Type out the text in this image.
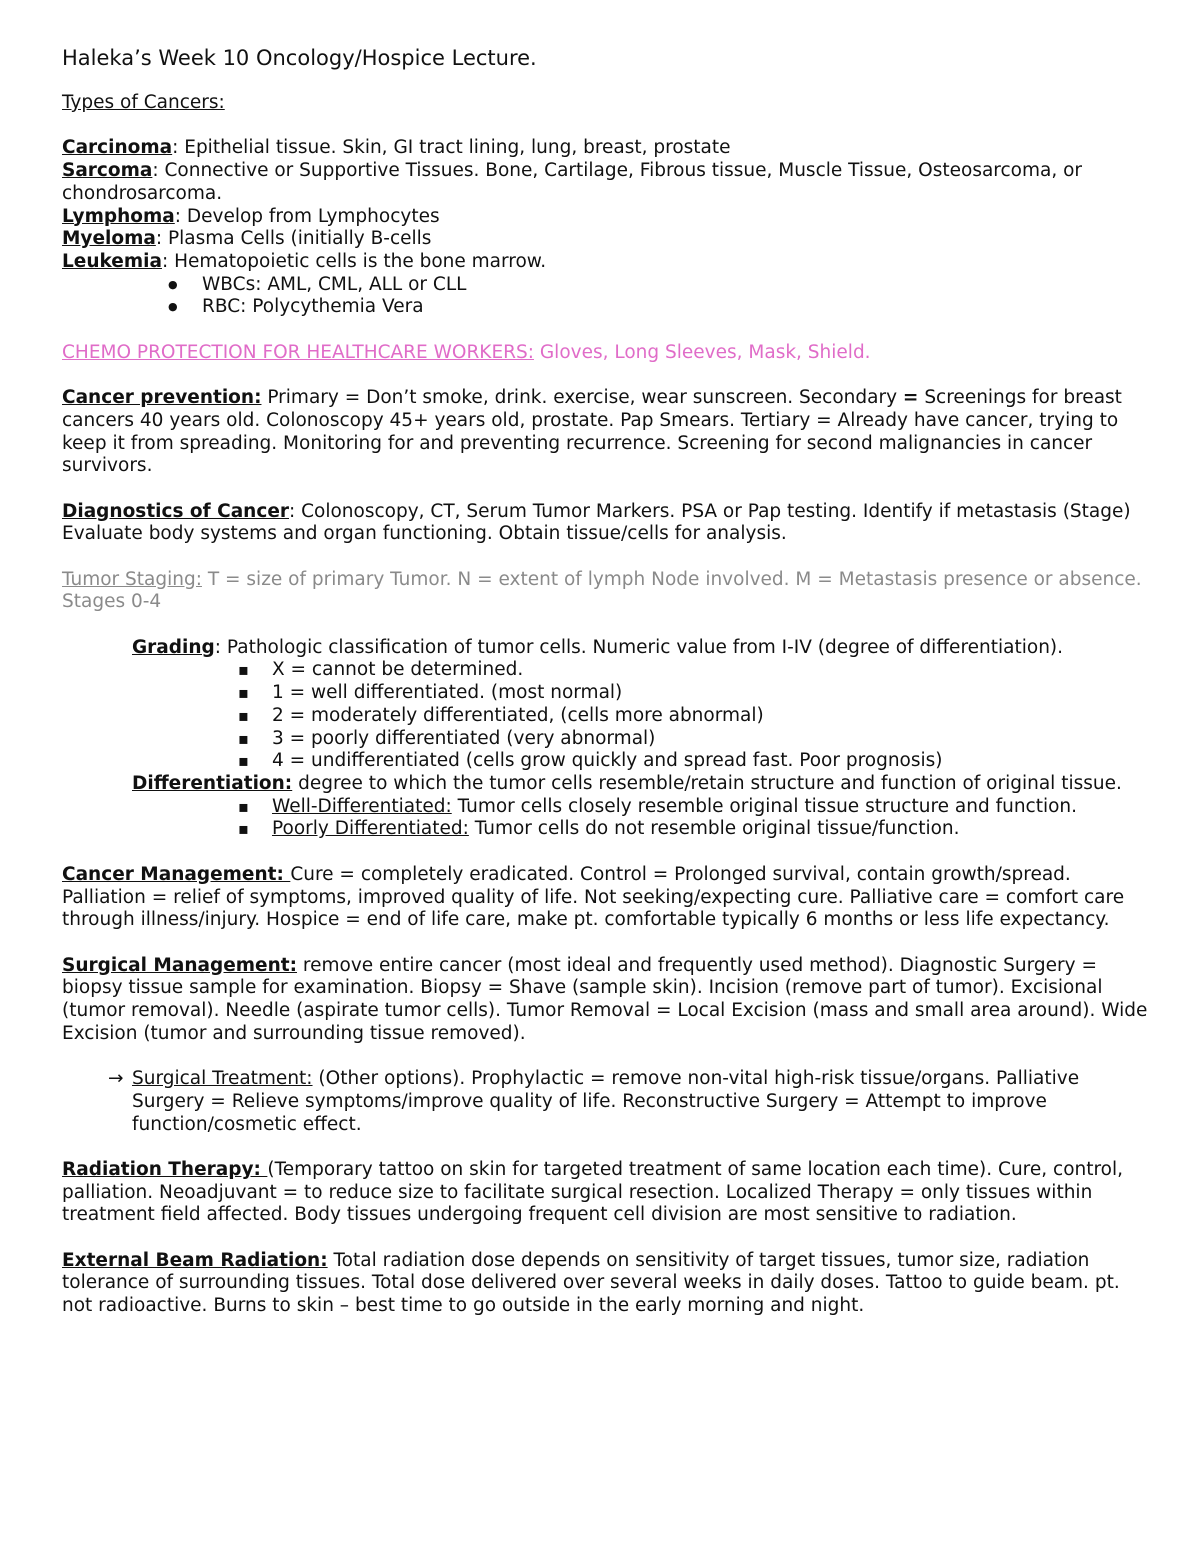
Haleka’s Week 10 Oncology/Hospice Lecture.

Types of Cancers:

Carcinoma: Epithelial tissue. Skin, GI tract lining, lung, breast, prostate

Sarcoma: Connective or Supportive Tissues. Bone, Cartilage, Fibrous tissue, Muscle Tissue, Osteosarcoma, or chondrosarcoma.

Lymphoma: Develop from Lymphocytes

Myeloma: Plasma Cells (initially B-cells

Leukemia: Hematopoietic cells is the bone marrow.

● WBCs: AML, CML, ALL or CLL
● RBC: Polycythemia Vera

CHEMO PROTECTION FOR HEALTHCARE WORKERS: Gloves, Long Sleeves, Mask, Shield.

Cancer prevention: Primary = Don’t smoke, drink. exercise, wear sunscreen. Secondary = Screenings for breast cancers 40 years old. Colonoscopy 45+ years old, prostate. Pap Smears. Tertiary = Already have cancer, trying to keep it from spreading. Monitoring for and preventing recurrence. Screening for second malignancies in cancer survivors.

Diagnostics of Cancer: Colonoscopy, CT, Serum Tumor Markers. PSA or Pap testing. Identify if metastasis (Stage) Evaluate body systems and organ functioning. Obtain tissue/cells for analysis.

Tumor Staging: T = size of primary Tumor. N = extent of lymph Node involved. M = Metastasis presence or absence. Stages 0-4

Grading: Pathologic classification of tumor cells. Numeric value from I-IV (degree of differentiation).

▪ X = cannot be determined.
▪ 1 = well differentiated. (most normal)
▪ 2 = moderately differentiated, (cells more abnormal)
▪ 3 = poorly differentiated (very abnormal)
▪ 4 = undifferentiated (cells grow quickly and spread fast. Poor prognosis)

Differentiation: degree to which the tumor cells resemble/retain structure and function of original tissue.

▪ Well-Differentiated: Tumor cells closely resemble original tissue structure and function.
▪ Poorly Differentiated: Tumor cells do not resemble original tissue/function.

Cancer Management: Cure = completely eradicated. Control = Prolonged survival, contain growth/spread. Palliation = relief of symptoms, improved quality of life. Not seeking/expecting cure. Palliative care = comfort care through illness/injury. Hospice = end of life care, make pt. comfortable typically 6 months or less life expectancy.

Surgical Management: remove entire cancer (most ideal and frequently used method). Diagnostic Surgery = biopsy tissue sample for examination. Biopsy = Shave (sample skin). Incision (remove part of tumor). Excisional (tumor removal). Needle (aspirate tumor cells). Tumor Removal = Local Excision (mass and small area around). Wide Excision (tumor and surrounding tissue removed).

→ Surgical Treatment: (Other options). Prophylactic = remove non-vital high-risk tissue/organs. Palliative Surgery = Relieve symptoms/improve quality of life. Reconstructive Surgery = Attempt to improve function/cosmetic effect.

Radiation Therapy: (Temporary tattoo on skin for targeted treatment of same location each time). Cure, control, palliation. Neoadjuvant = to reduce size to facilitate surgical resection. Localized Therapy = only tissues within treatment field affected. Body tissues undergoing frequent cell division are most sensitive to radiation.

External Beam Radiation: Total radiation dose depends on sensitivity of target tissues, tumor size, radiation tolerance of surrounding tissues. Total dose delivered over several weeks in daily doses. Tattoo to guide beam. pt. not radioactive. Burns to skin – best time to go outside in the early morning and night.
